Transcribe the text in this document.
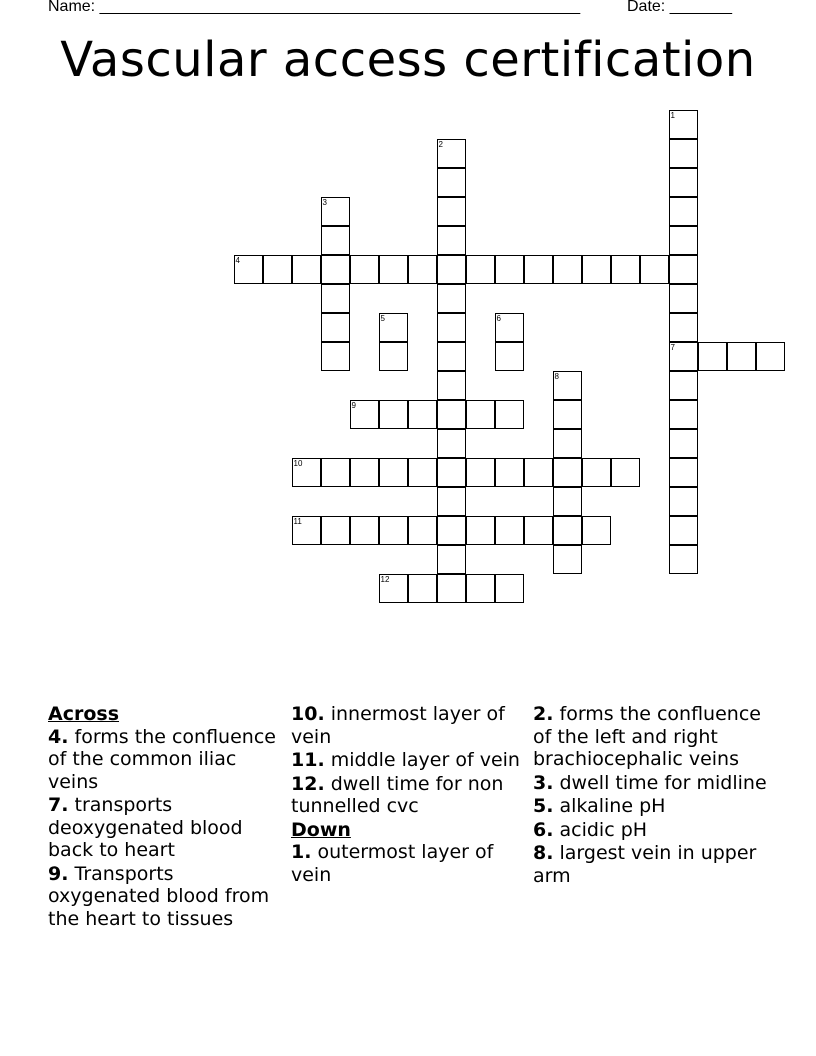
Name: ______________________________________________________	Date: _______
Vascular access certification
1
7
2
3
4
5	6
8
9
10
11
12
Across
4. forms the confluence of the common iliac veins
7. transports deoxygenated blood back to heart
9. Transports oxygenated blood from the heart to tissues
10. innermost layer of vein
11. middle layer of vein
12. dwell time for non tunnelled cvc
Down
1. outermost layer of vein
2. forms the confluence of the left and right brachiocephalic veins
3. dwell time for midline
5. alkaline pH
6. acidic pH
8. largest vein in upper arm
